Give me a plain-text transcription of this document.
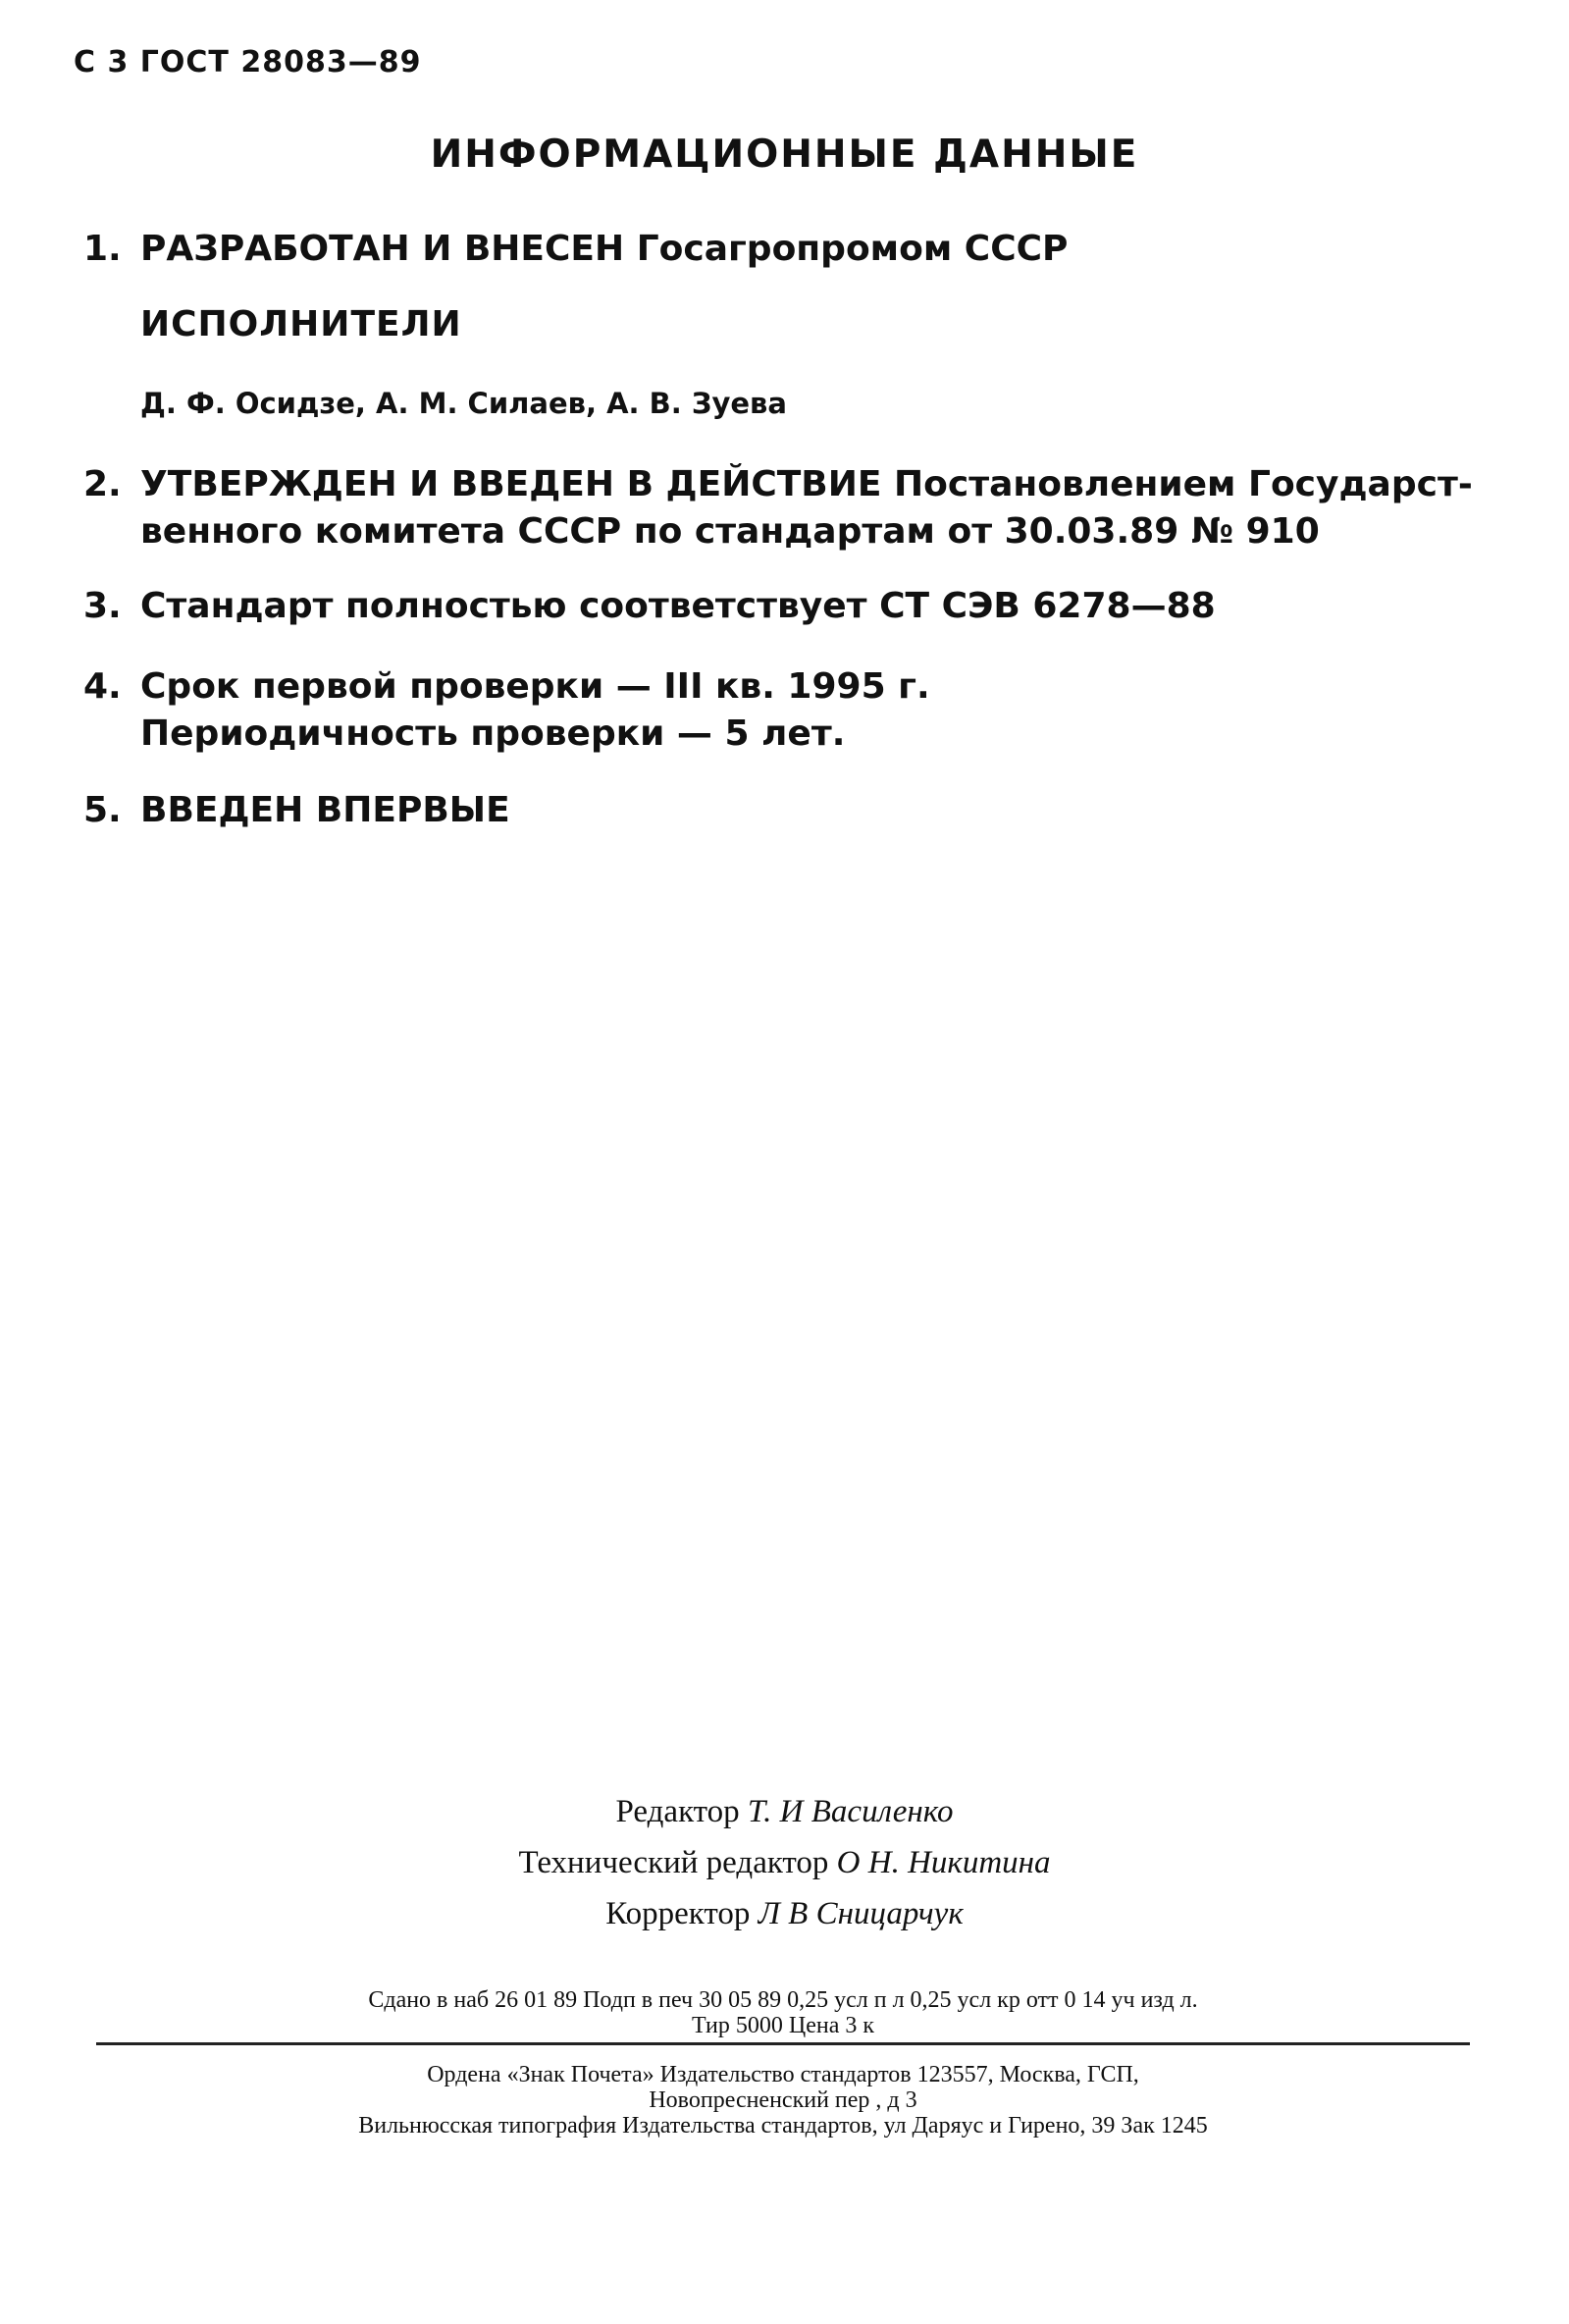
С 3 ГОСТ 28083—89
ИНФОРМАЦИОННЫЕ ДАННЫЕ
1. РАЗРАБОТАН И ВНЕСЕН Госагропромом СССР
ИСПОЛНИТЕЛИ
Д. Ф. Осидзе, А. М. Силаев, А. В. Зуева
2. УТВЕРЖДЕН И ВВЕДЕН В ДЕЙСТВИЕ Постановлением Государст-
венного комитета СССР по стандартам от 30.03.89 № 910
3. Стандарт полностью соответствует СТ СЭВ 6278—88
4. Срок первой проверки — III кв. 1995 г.
Периодичность проверки — 5 лет.
5. ВВЕДЕН ВПЕРВЫЕ
Редактор Т. И Василенко
Технический редактор О Н. Никитина
Корректор Л В Сницарчук
Сдано в наб 26 01 89 Подп в печ 30 05 89 0,25 усл п л 0,25 усл кр отт 0 14 уч изд л.
Тир 5000 Цена 3 к
Ордена «Знак Почета» Издательство стандартов 123557, Москва, ГСП,
Новопресненский пер , д 3
Вильнюсская типография Издательства стандартов, ул Даряус и Гирено, 39 Зак 1245
